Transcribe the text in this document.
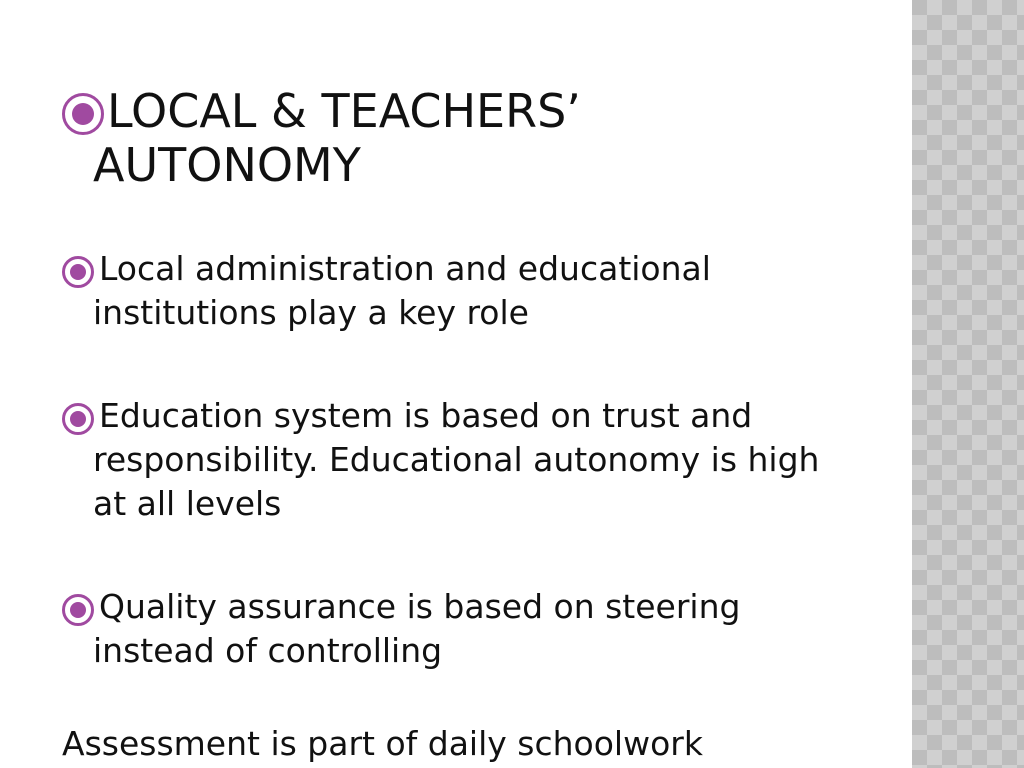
LOCAL & TEACHERS’ AUTONOMY
Local administration and educational institutions play a key role
Education system is based on trust and responsibility. Educational autonomy is high at all levels
Quality assurance is based on steering instead of controlling
Assessment is part of daily schoolwork
